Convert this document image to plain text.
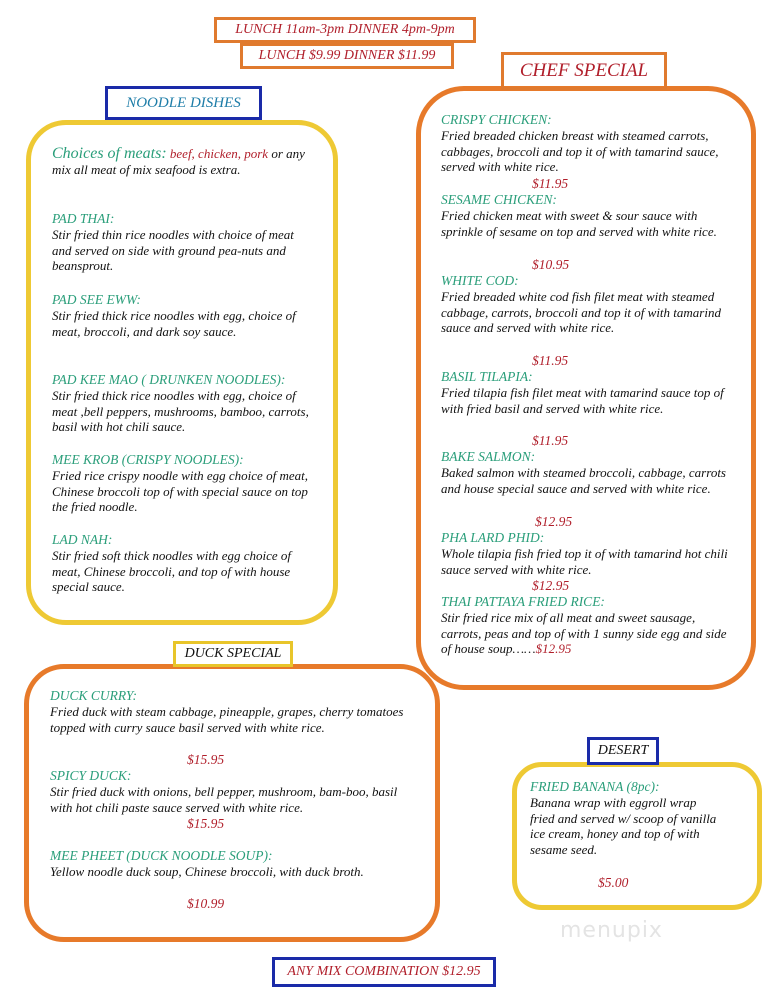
LUNCH 11am-3pm DINNER 4pm-9pm
LUNCH $9.99 DINNER $11.99
NOODLE DISHES
Choices of meats: beef, chicken, pork or any mix all meat of mix seafood is extra.
PAD THAI:
Stir fried thin rice noodles with choice of meat and served on side with ground pea-nuts and beansprout.
PAD SEE EWW:
Stir fried thick rice noodles with egg, choice of meat, broccoli, and dark soy sauce.
PAD KEE MAO ( DRUNKEN NOODLES):
Stir fried thick rice noodles with egg, choice of meat ,bell peppers, mushrooms, bamboo, carrots, basil with hot chili sauce.
MEE KROB (CRISPY NOODLES):
Fried rice crispy noodle with egg choice of meat, Chinese broccoli top of with special sauce on top the fried noodle.
LAD NAH:
Stir fried soft thick noodles with egg choice of meat, Chinese broccoli, and top of with house special sauce.
CHEF SPECIAL
CRISPY CHICKEN:
Fried breaded chicken breast with steamed carrots, cabbages, broccoli and top it of with tamarind sauce, served with white rice.
$11.95
SESAME CHICKEN:
Fried chicken meat with sweet & sour sauce with sprinkle of sesame on top and served with white rice.
$10.95
WHITE COD:
Fried breaded white cod fish filet meat with steamed cabbage, carrots, broccoli and top it of with tamarind sauce and served with white rice.
$11.95
BASIL TILAPIA:
Fried tilapia fish filet meat with tamarind sauce top of with fried basil and served with white rice.
$11.95
BAKE SALMON:
Baked salmon with steamed broccoli, cabbage, carrots and house special sauce and served with white rice.
$12.95
PHA LARD PHID:
Whole tilapia fish fried top it of with tamarind hot chili sauce served with white rice.
$12.95
THAI PATTAYA FRIED RICE:
Stir fried rice mix of all meat and sweet sausage, carrots, peas and top of with 1 sunny side egg and side of house soup……$12.95
DUCK SPECIAL
DUCK CURRY:
Fried duck with steam cabbage, pineapple, grapes, cherry tomatoes topped with curry sauce basil served with white rice.
$15.95
SPICY DUCK:
Stir fried duck with onions, bell pepper, mushroom, bam-boo, basil with hot chili paste sauce served with white rice.
$15.95
MEE PHEET (DUCK NOODLE SOUP):
Yellow noodle duck soup, Chinese broccoli, with duck broth.
$10.99
DESERT
FRIED BANANA (8pc):
Banana wrap with eggroll wrap fried and served w/ scoop of vanilla ice cream, honey and top of with sesame seed.
$5.00
ANY MIX COMBINATION $12.95
menupix
